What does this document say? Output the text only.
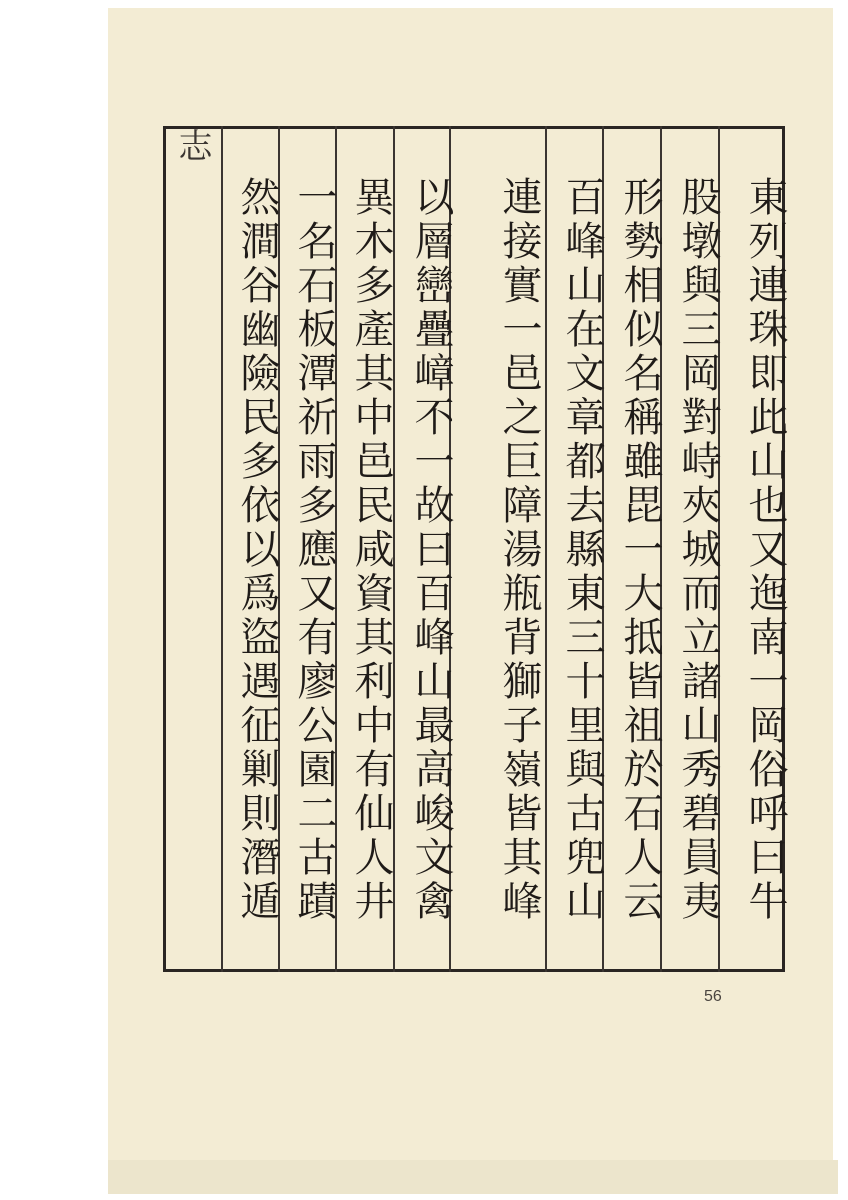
東列連珠即此山也又迤南一岡俗呼曰牛
股墩與三岡對峙夾城而立諸山秀碧員夷
形勢相似名稱雖毘一大抵皆祖於石人云
百峰山在文章都去縣東三十里與古兜山
連接實一邑之巨障湯瓶背獅子嶺皆其峰
以層巒疊嶂不一故曰百峰山最高峻文禽
異木多產其中邑民咸資其利中有仙人井
一名石板潭祈雨多應又有廖公園二古蹟
然澗谷幽險民多依以爲盜遇征剿則潛遁
志
56
